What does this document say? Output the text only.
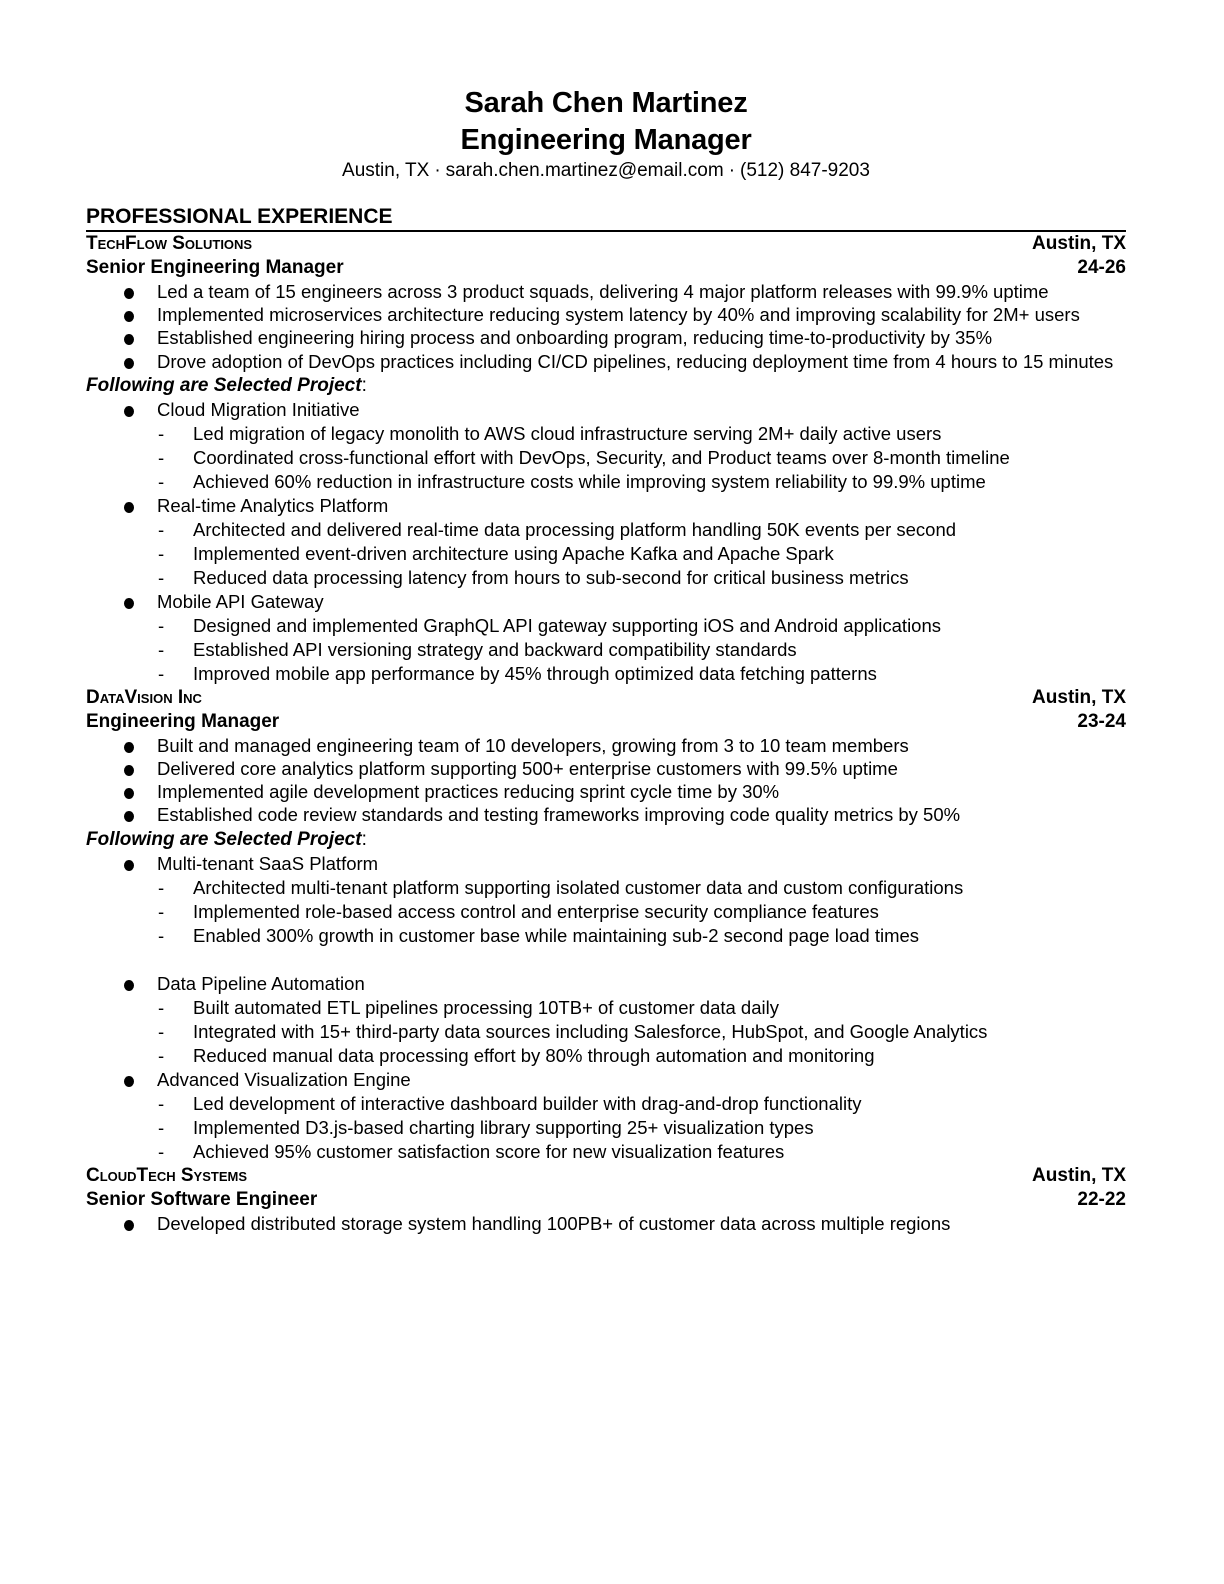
Sarah Chen Martinez
Engineering Manager
Austin, TX · sarah.chen.martinez@email.com · (512) 847-9203
PROFESSIONAL EXPERIENCE
TechFlow Solutions	Austin, TX
Senior Engineering Manager	24-26
Led a team of 15 engineers across 3 product squads, delivering 4 major platform releases with 99.9% uptime
Implemented microservices architecture reducing system latency by 40% and improving scalability for 2M+ users
Established engineering hiring process and onboarding program, reducing time-to-productivity by 35%
Drove adoption of DevOps practices including CI/CD pipelines, reducing deployment time from 4 hours to 15 minutes
Following are Selected Project:
Cloud Migration Initiative
- Led migration of legacy monolith to AWS cloud infrastructure serving 2M+ daily active users
- Coordinated cross-functional effort with DevOps, Security, and Product teams over 8-month timeline
- Achieved 60% reduction in infrastructure costs while improving system reliability to 99.9% uptime
Real-time Analytics Platform
- Architected and delivered real-time data processing platform handling 50K events per second
- Implemented event-driven architecture using Apache Kafka and Apache Spark
- Reduced data processing latency from hours to sub-second for critical business metrics
Mobile API Gateway
- Designed and implemented GraphQL API gateway supporting iOS and Android applications
- Established API versioning strategy and backward compatibility standards
- Improved mobile app performance by 45% through optimized data fetching patterns
DataVision Inc	Austin, TX
Engineering Manager	23-24
Built and managed engineering team of 10 developers, growing from 3 to 10 team members
Delivered core analytics platform supporting 500+ enterprise customers with 99.5% uptime
Implemented agile development practices reducing sprint cycle time by 30%
Established code review standards and testing frameworks improving code quality metrics by 50%
Following are Selected Project:
Multi-tenant SaaS Platform
- Architected multi-tenant platform supporting isolated customer data and custom configurations
- Implemented role-based access control and enterprise security compliance features
- Enabled 300% growth in customer base while maintaining sub-2 second page load times
Data Pipeline Automation
- Built automated ETL pipelines processing 10TB+ of customer data daily
- Integrated with 15+ third-party data sources including Salesforce, HubSpot, and Google Analytics
- Reduced manual data processing effort by 80% through automation and monitoring
Advanced Visualization Engine
- Led development of interactive dashboard builder with drag-and-drop functionality
- Implemented D3.js-based charting library supporting 25+ visualization types
- Achieved 95% customer satisfaction score for new visualization features
CloudTech Systems	Austin, TX
Senior Software Engineer	22-22
Developed distributed storage system handling 100PB+ of customer data across multiple regions
